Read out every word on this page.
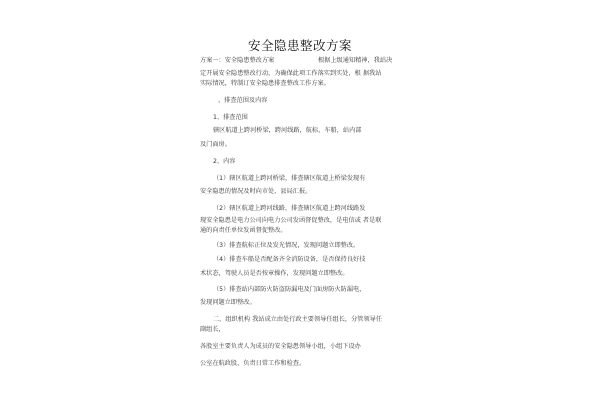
安全隐患整改方案
方案一：安全隐患整改方案	根据上级通知精神，我站决
定开展安全隐患整改行动，为确保此项工作落实到实处，根 据我站
实际情况，特制订安全隐患排查整改工作方案。
、排查范围及内容
1、排查范围
辖区航道上跨河桥梁，跨河线路，航标，车船，站内部
及门面房。
2、内容
（1）辖区航道上跨河桥梁，排查辖区航道上桥梁发现有
安全隐患的情况及时向市处、县局汇报。
（2）辖区航道上跨河线路，排查辖区航道上跨河线路发
现安全隐患是电力公司向电力公司发函督促整改，是电信或 者是联
通的向责任单位发函督促整改。
（3）排查航标正位及发光情况，发现问题立即整改。
（4）排查车船是否配备齐全消防设备，是否保持良好技
术状态，驾驶人员是否按章操作，发现问题立即整改。
（5）排查站内部防火防盗防漏电及门面房防火防漏电，
发现问题立即整改。
二、组织机构 我站成立由处行政主要领导任组长，分管领导任
副组长，
各股室主要负责人为成员的安全隐患领导小组，小组下设办
公室在航政股，负责日常工作和检查。
